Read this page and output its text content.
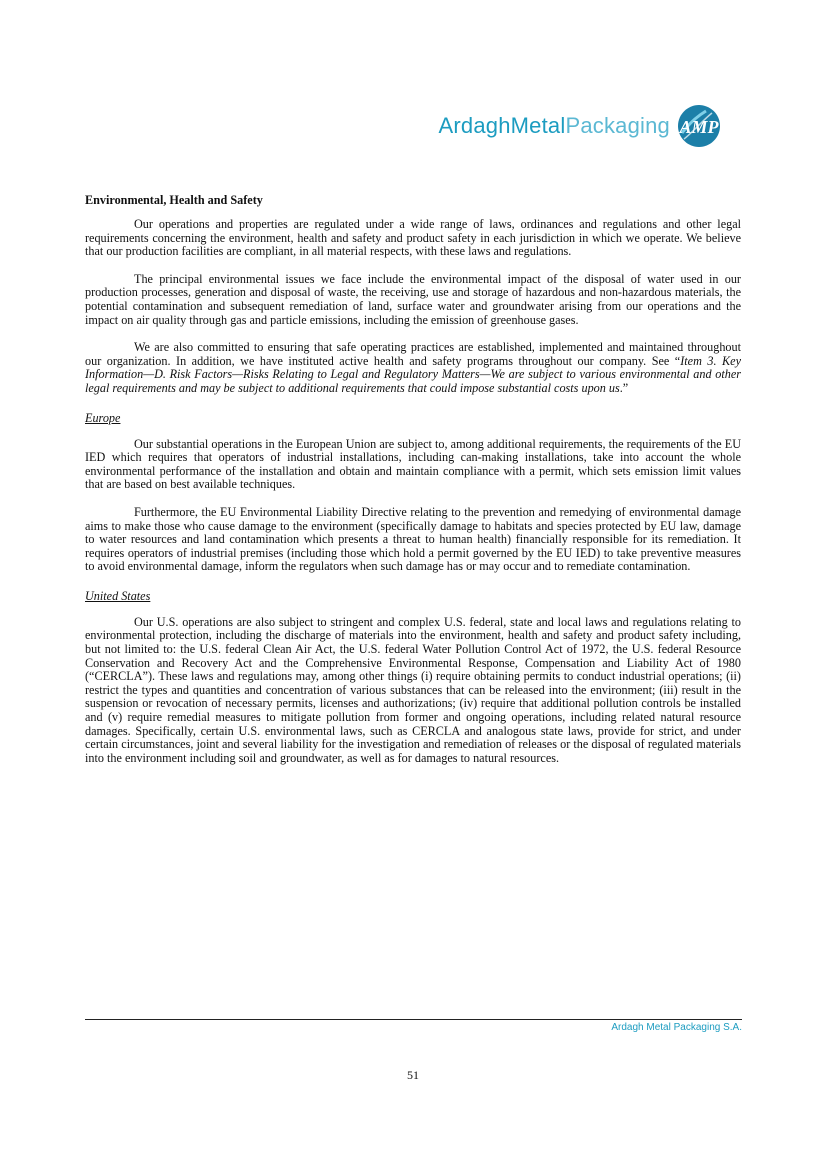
ArdaghMetalPackaging AMP
Environmental, Health and Safety

Our operations and properties are regulated under a wide range of laws, ordinances and regulations and other legal requirements concerning the environment, health and safety and product safety in each jurisdiction in which we operate. We believe that our production facilities are compliant, in all material respects, with these laws and regulations.

The principal environmental issues we face include the environmental impact of the disposal of water used in our production processes, generation and disposal of waste, the receiving, use and storage of hazardous and non-hazardous materials, the potential contamination and subsequent remediation of land, surface water and groundwater arising from our operations and the impact on air quality through gas and particle emissions, including the emission of greenhouse gases.

We are also committed to ensuring that safe operating practices are established, implemented and maintained throughout our organization. In addition, we have instituted active health and safety programs throughout our company. See “Item 3. Key Information—D. Risk Factors—Risks Relating to Legal and Regulatory Matters—We are subject to various environmental and other legal requirements and may be subject to additional requirements that could impose substantial costs upon us.”

Europe

Our substantial operations in the European Union are subject to, among additional requirements, the requirements of the EU IED which requires that operators of industrial installations, including can-making installations, take into account the whole environmental performance of the installation and obtain and maintain compliance with a permit, which sets emission limit values that are based on best available techniques.

Furthermore, the EU Environmental Liability Directive relating to the prevention and remedying of environmental damage aims to make those who cause damage to the environment (specifically damage to habitats and species protected by EU law, damage to water resources and land contamination which presents a threat to human health) financially responsible for its remediation. It requires operators of industrial premises (including those which hold a permit governed by the EU IED) to take preventive measures to avoid environmental damage, inform the regulators when such damage has or may occur and to remediate contamination.

United States

Our U.S. operations are also subject to stringent and complex U.S. federal, state and local laws and regulations relating to environmental protection, including the discharge of materials into the environment, health and safety and product safety including, but not limited to: the U.S. federal Clean Air Act, the U.S. federal Water Pollution Control Act of 1972, the U.S. federal Resource Conservation and Recovery Act and the Comprehensive Environmental Response, Compensation and Liability Act of 1980 (“CERCLA”). These laws and regulations may, among other things (i) require obtaining permits to conduct industrial operations; (ii) restrict the types and quantities and concentration of various substances that can be released into the environment; (iii) result in the suspension or revocation of necessary permits, licenses and authorizations; (iv) require that additional pollution controls be installed and (v) require remedial measures to mitigate pollution from former and ongoing operations, including related natural resource damages. Specifically, certain U.S. environmental laws, such as CERCLA and analogous state laws, provide for strict, and under certain circumstances, joint and several liability for the investigation and remediation of releases or the disposal of regulated materials into the environment including soil and groundwater, as well as for damages to natural resources.

Ardagh Metal Packaging S.A.
51
